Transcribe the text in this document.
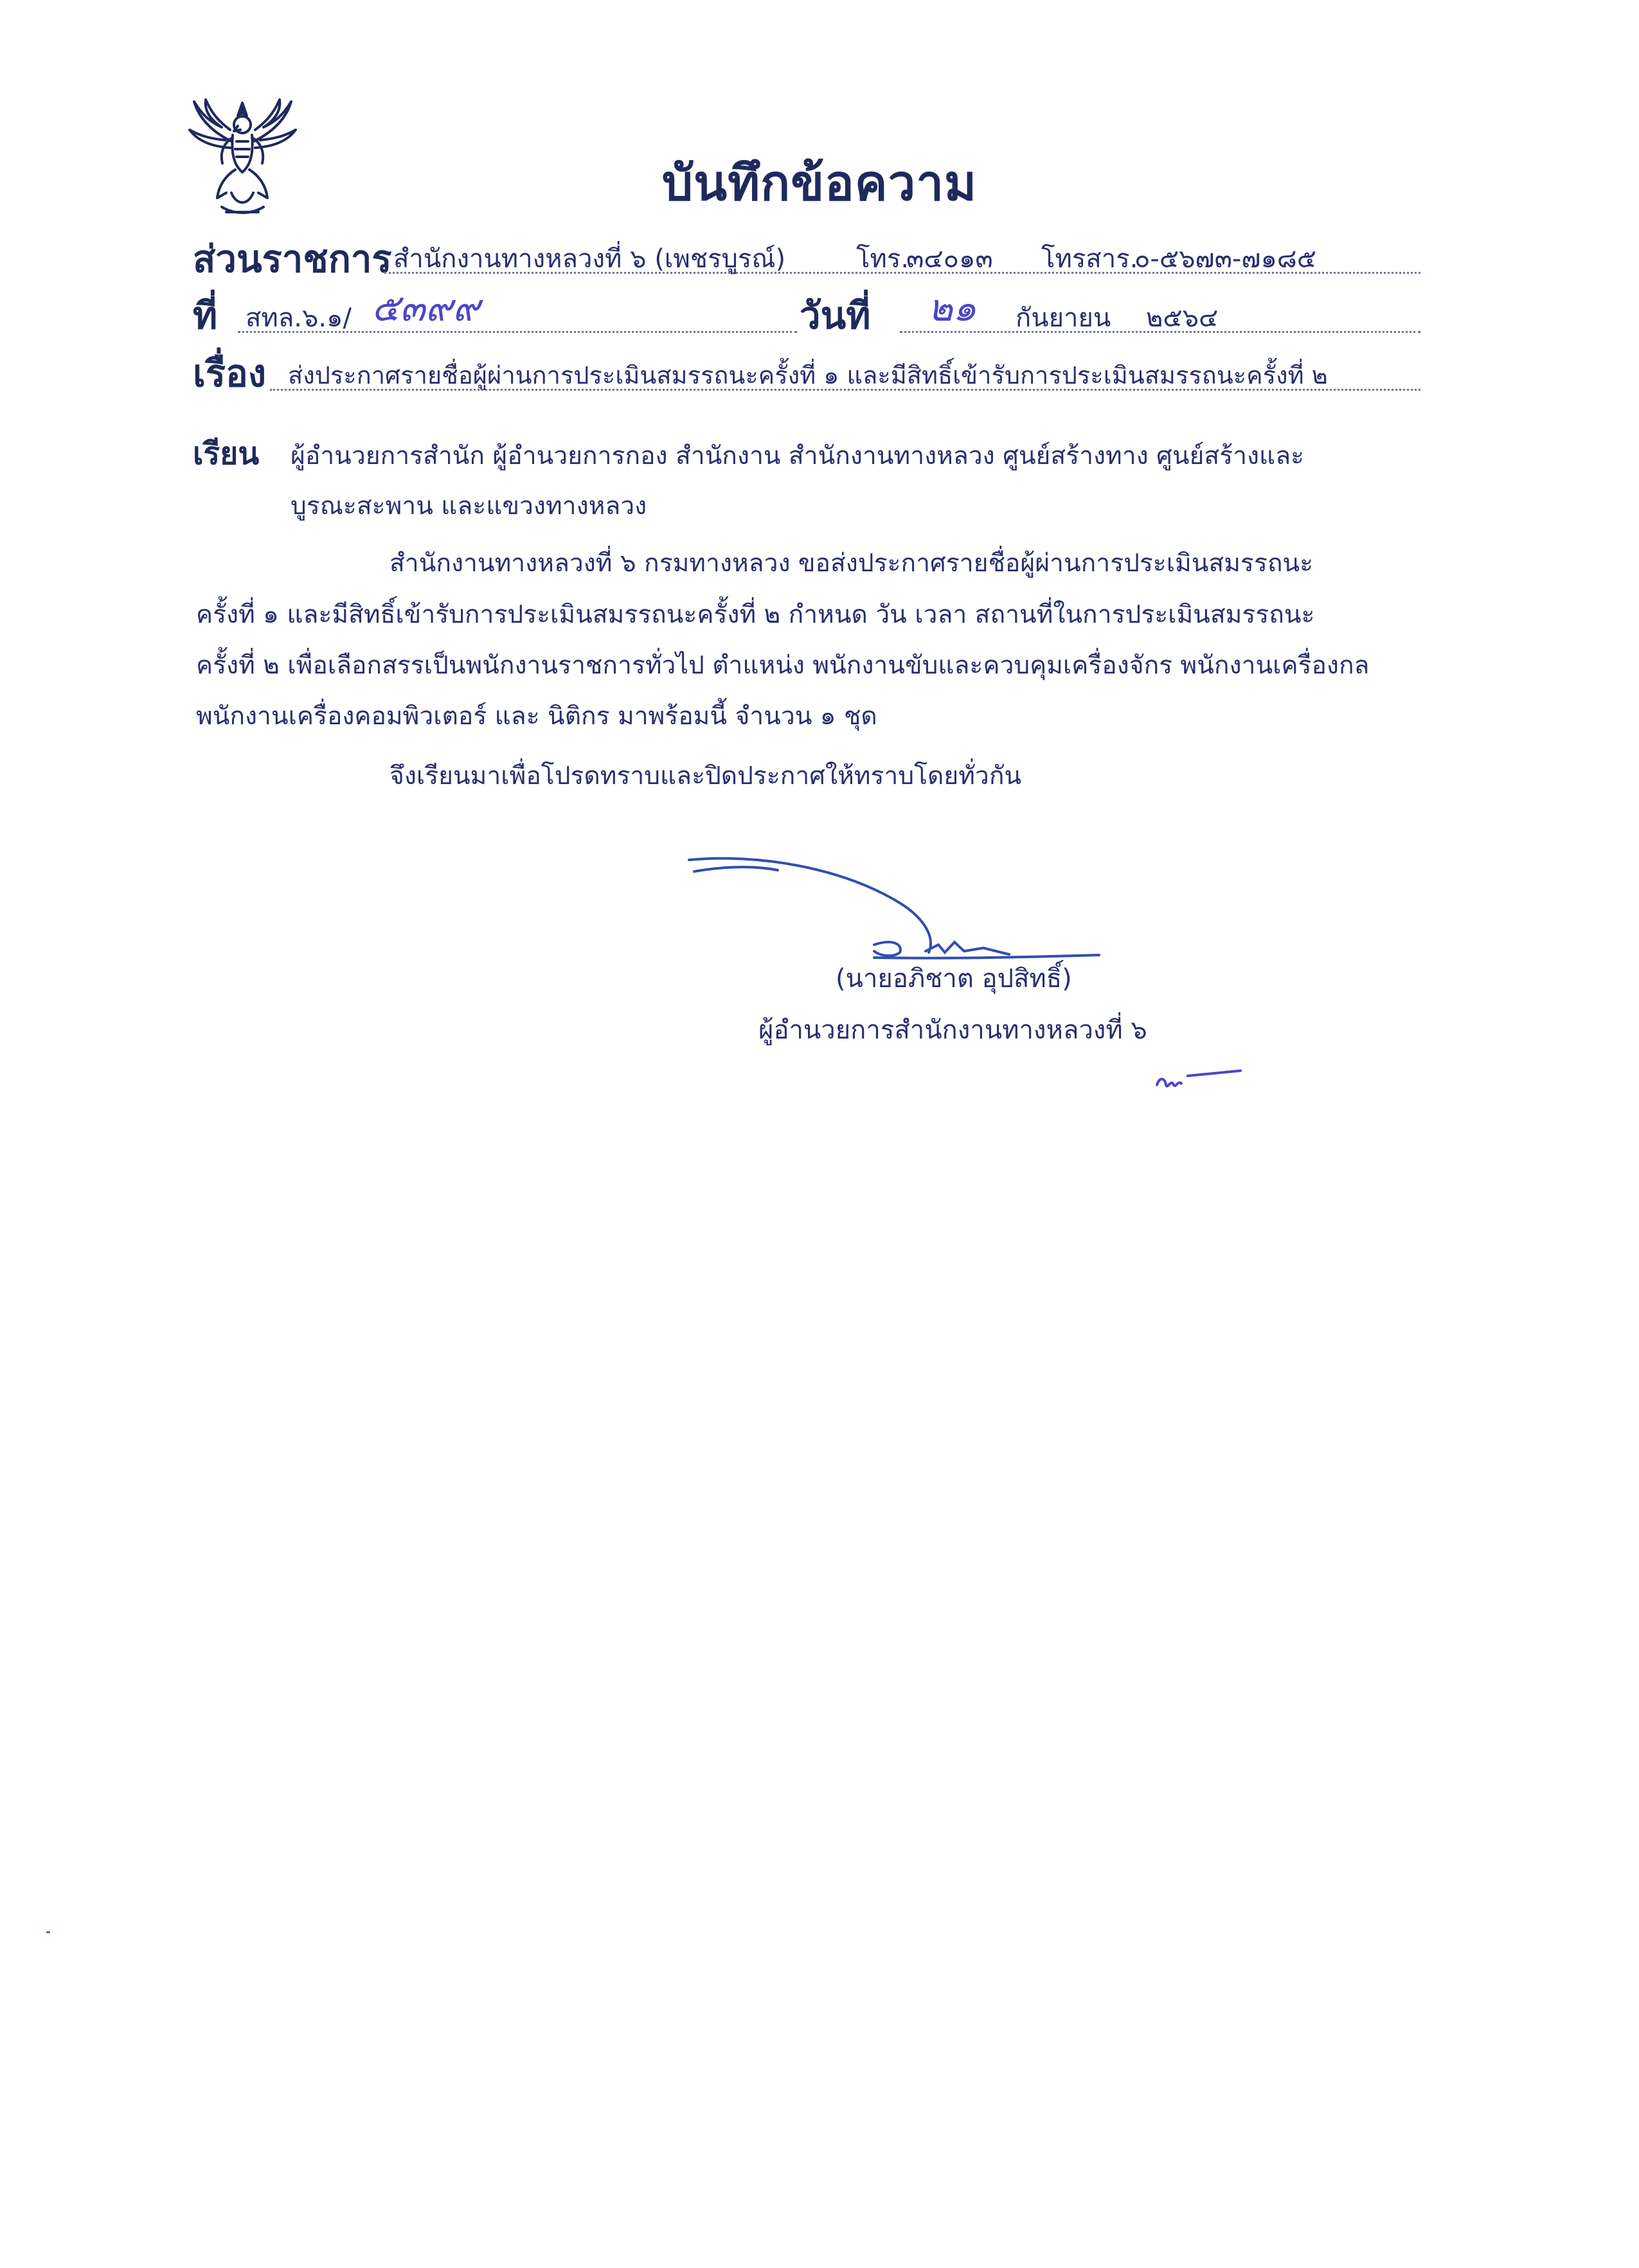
บันทึกข้อความ
ส่วนราชการ สำนักงานทางหลวงที่ ๖ (เพชรบูรณ์)	โทร.
๓๔๐๑๓ โทรสาร.
๐-๕๖๗๓-๗๑๘๕
ที่ สทล.๖.๑/ ๕๓๙๙	วันที่ ๒๑ กันยายน ๒๕๖๔
เรื่อง ส่งประกาศรายชื่อผู้ผ่านการประเมินสมรรถนะครั้งที่ ๑ และมีสิทธิ์เข้ารับการประเมินสมรรถนะครั้งที่ ๒
เรียน ผู้อำนวยการสำนัก ผู้อำนวยการกอง สำนักงาน สำนักงานทางหลวง ศูนย์สร้างทาง ศูนย์สร้างและ
บูรณะสะพาน และแขวงทางหลวง
สำนักงานทางหลวงที่ ๖ กรมทางหลวง ขอส่งประกาศรายชื่อผู้ผ่านการประเมินสมรรถนะ
ครั้งที่ ๑ และมีสิทธิ์เข้ารับการประเมินสมรรถนะครั้งที่ ๒ กำหนด วัน เวลา สถานที่ในการประเมินสมรรถนะ
ครั้งที่ ๒ เพื่อเลือกสรรเป็นพนักงานราชการทั่วไป ตำแหน่ง พนักงานขับและควบคุมเครื่องจักร พนักงานเครื่องกล
พนักงานเครื่องคอมพิวเตอร์ และ นิติกร มาพร้อมนี้ จำนวน ๑ ชุด
จึงเรียนมาเพื่อโปรดทราบและปิดประกาศให้ทราบโดยทั่วกัน
(นายอภิชาต อุปสิทธิ์)
ผู้อำนวยการสำนักงานทางหลวงที่ ๖
